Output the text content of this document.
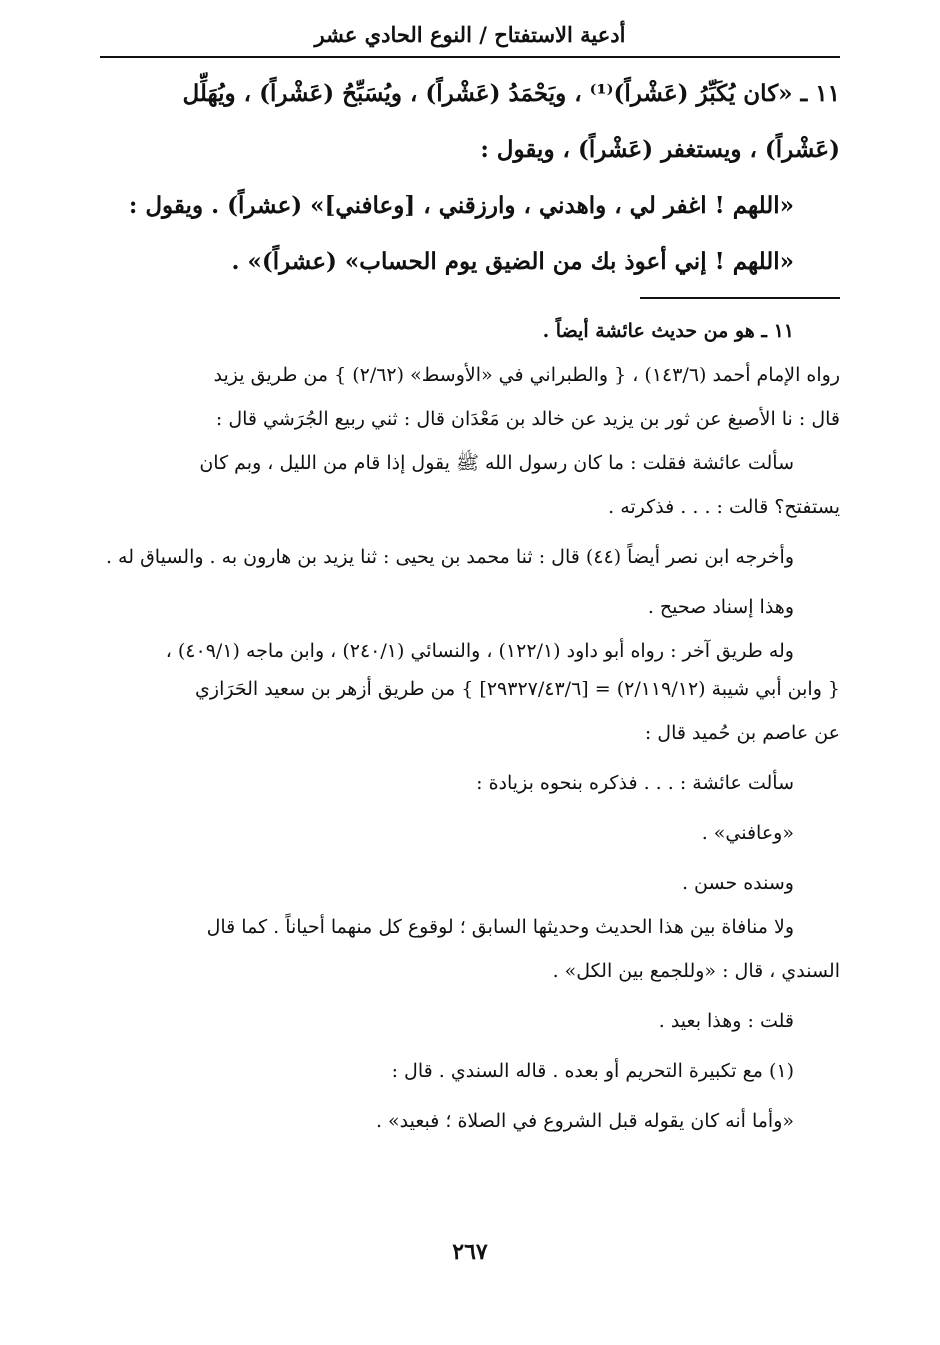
أدعية الاستفتاح / النوع الحادي عشر
١١ ـ «كان يُكَبِّرُ (عَشْراً)⁽¹⁾ ، ويَحْمَدُ (عَشْراً) ، ويُسَبِّحُ (عَشْراً) ، ويُهَلِّل
(عَشْراً) ، ويستغفر (عَشْراً) ، ويقول :
«اللهم ! اغفر لي ، واهدني ، وارزقني ، [وعافني]» (عشراً) . ويقول :
«اللهم ! إني أعوذ بك من الضيق يوم الحساب» (عشراً)» .
١١ ـ هو من حديث عائشة أيضاً .
رواه الإمام أحمد (١٤٣/٦) ، { والطبراني في «الأوسط» (٢/٦٢) } من طريق يزيد
قال : نا الأصبغ عن ثور بن يزيد عن خالد بن مَعْدَان قال : ثني ربيع الجُرَشي قال :
سألت عائشة فقلت : ما كان رسول الله ﷺ يقول إذا قام من الليل ، وبم كان
يستفتح؟ قالت : . . . فذكرته .
وأخرجه ابن نصر أيضاً (٤٤) قال : ثنا محمد بن يحيى : ثنا يزيد بن هارون به . والسياق له .
وهذا إسناد صحيح .
وله طريق آخر : رواه أبو داود (١٢٢/١) ، والنسائي (٢٤٠/١) ، وابن ماجه (٤٠٩/١) ،
{ وابن أبي شيبة (٢/١١٩/١٢) = [٢٩٣٢٧/٤٣/٦] } من طريق أزهر بن سعيد الحَرَازي
عن عاصم بن حُميد قال :
سألت عائشة : . . . فذكره بنحوه بزيادة :
«وعافني» .
وسنده حسن .
ولا منافاة بين هذا الحديث وحديثها السابق ؛ لوقوع كل منهما أحياناً . كما قال
السندي ، قال : «وللجمع بين الكل» .
قلت : وهذا بعيد .
(١) مع تكبيرة التحريم أو بعده . قاله السندي . قال :
«وأما أنه كان يقوله قبل الشروع في الصلاة ؛ فبعيد» .
٢٦٧
